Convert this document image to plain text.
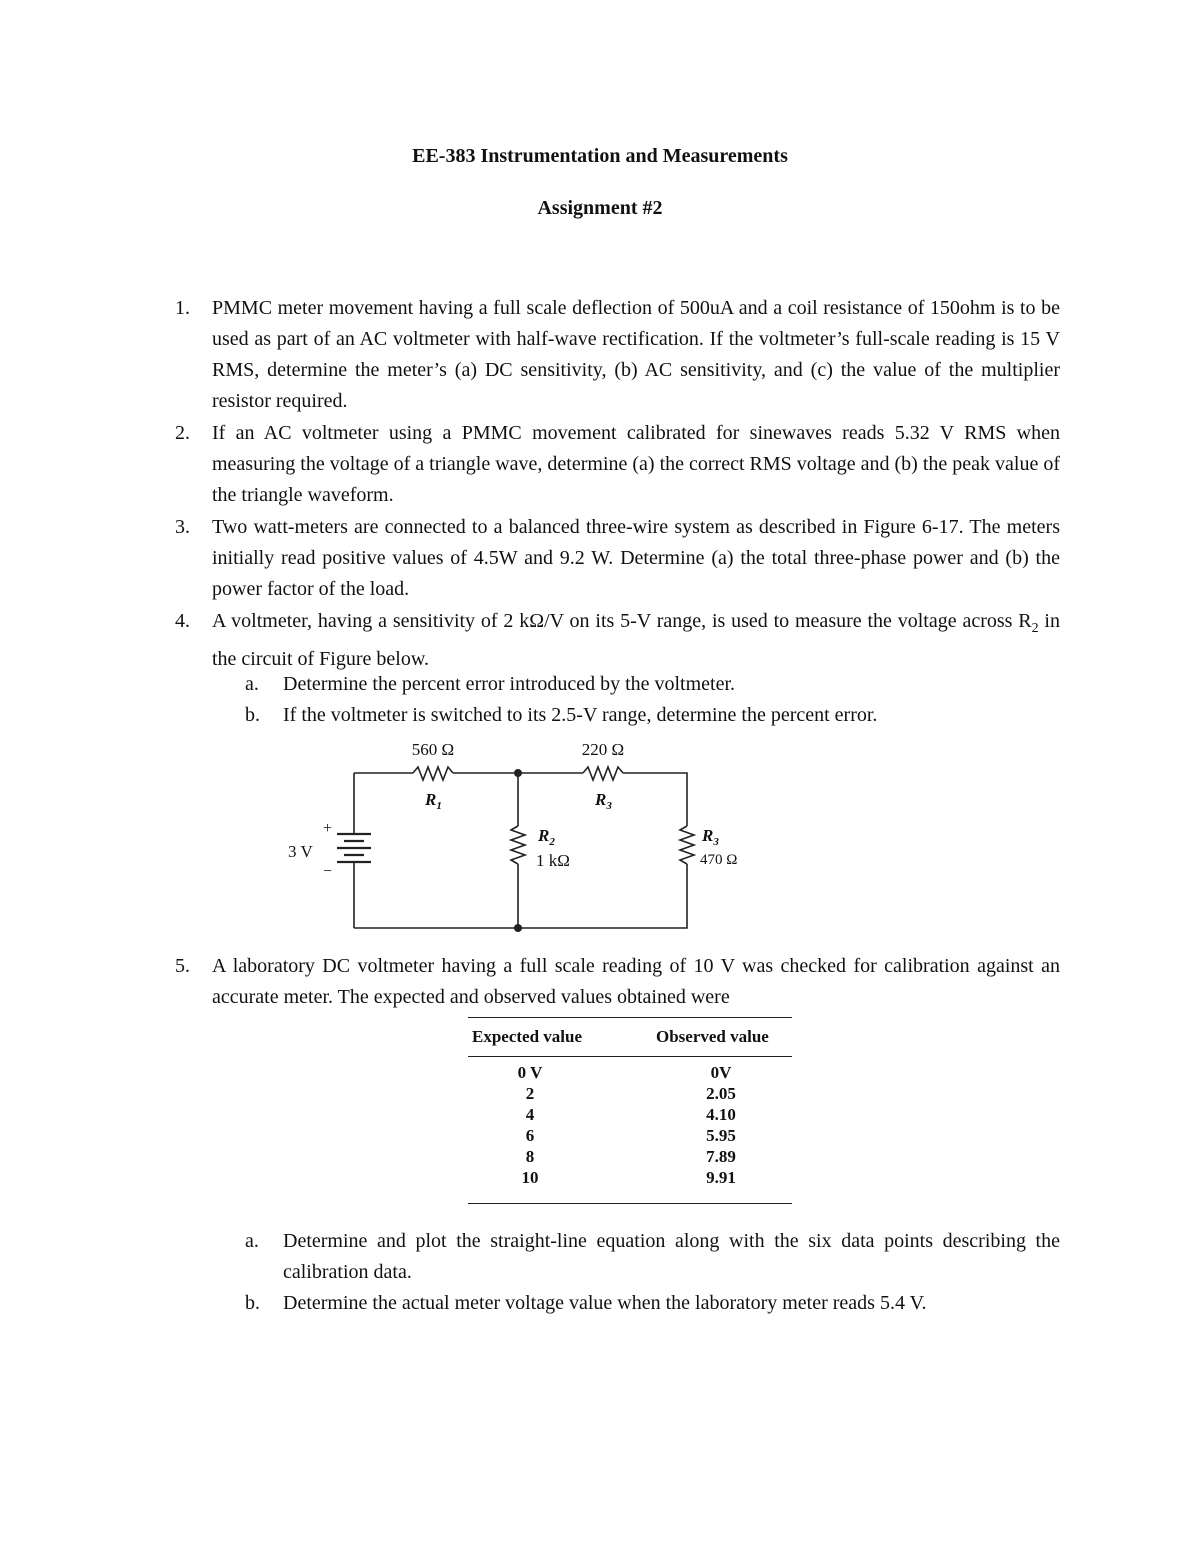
EE-383 Instrumentation and Measurements
Assignment #2
1.	PMMC meter movement having a full scale deflection of 500uA and a coil resistance of 150ohm is to be used as part of an AC voltmeter with half-wave rectification. If the voltmeter’s full-scale reading is 15 V RMS, determine the meter’s (a) DC sensitivity, (b) AC sensitivity, and (c) the value of the multiplier resistor required.
2.	If an AC voltmeter using a PMMC movement calibrated for sinewaves reads 5.32 V RMS when measuring the voltage of a triangle wave, determine (a) the correct RMS voltage and (b) the peak value of the triangle waveform.
3.	Two watt-meters are connected to a balanced three-wire system as described in Figure 6-17. The meters initially read positive values of 4.5W and 9.2 W. Determine (a) the total three-phase power and (b) the power factor of the load.
4.	A voltmeter, having a sensitivity of 2 kΩ/V on its 5-V range, is used to measure the voltage across $R_2$ in the circuit of Figure below.
a.	Determine the percent error introduced by the voltmeter.
b.	If the voltmeter is switched to its 2.5-V range, determine the percent error.
560 Ω
$R_1$
220 Ω
$R_3$
$R_2$
1 kΩ
$R_3$
470 Ω
+
3 V
−
5.	A laboratory DC voltmeter having a full scale reading of 10 V was checked for calibration against an accurate meter. The expected and observed values obtained were
Expected value	Observed value
0 V	0V
2	2.05
4	4.10
6	5.95
8	7.89
10	9.91
a.	Determine and plot the straight-line equation along with the six data points describing the calibration data.
b.	Determine the actual meter voltage value when the laboratory meter reads 5.4 V.
